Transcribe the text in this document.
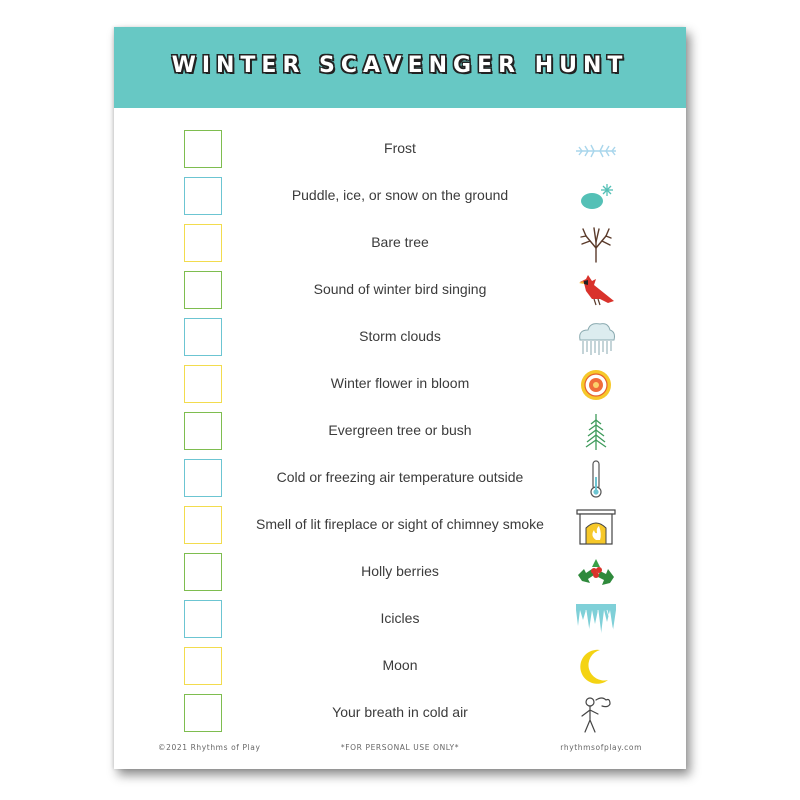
WINTER SCAVENGER HUNT
Frost
Puddle, ice, or snow on the ground
Bare tree
Sound of winter bird singing
Storm clouds
Winter flower in bloom
Evergreen tree or bush
Cold or freezing air temperature outside
Smell of lit fireplace or sight of chimney smoke
Holly berries
Icicles
Moon
Your breath in cold air
©2021 Rhythms of Play	*FOR PERSONAL USE ONLY*	rhythmsofplay.com
